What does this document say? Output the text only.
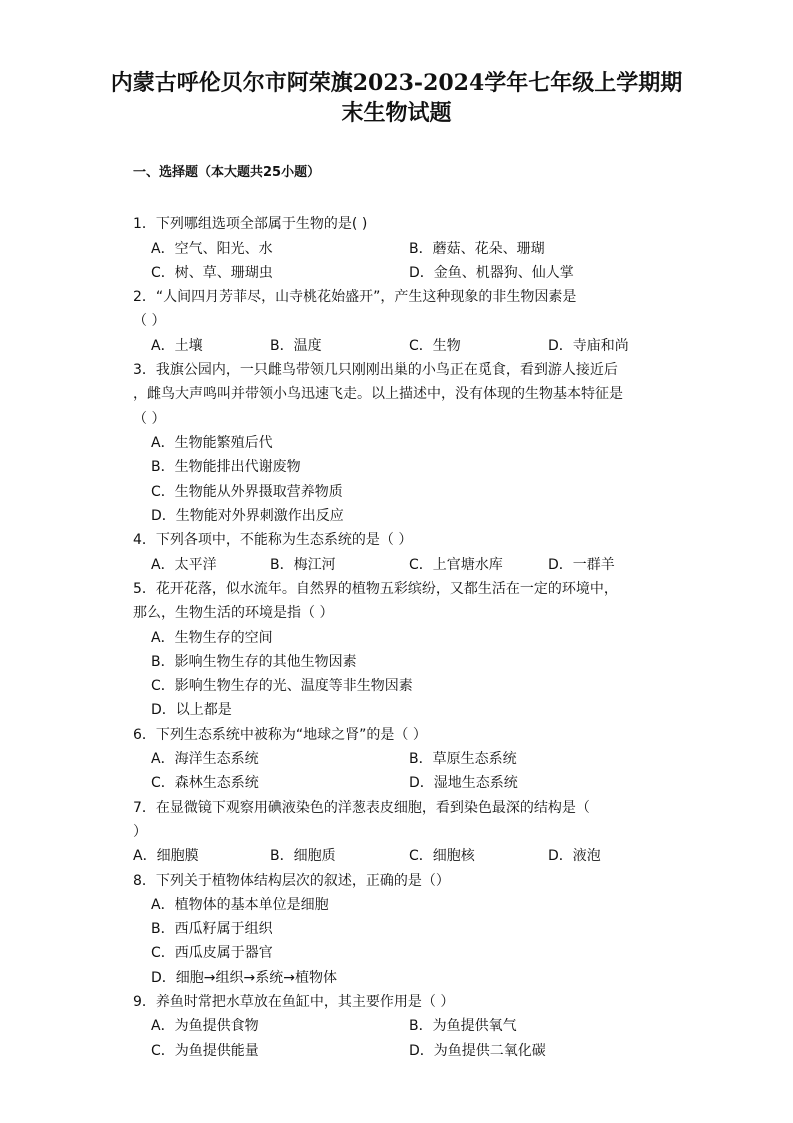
内蒙古呼伦贝尔市阿荣旗2023-2024学年七年级上学期期
末生物试题
一、选择题（本大题共25小题）
1．下列哪组选项全部属于生物的是( )
A．空气、阳光、水	B．蘑菇、花朵、珊瑚
C．树、草、珊瑚虫	D．金鱼、机器狗、仙人掌
2．“人间四月芳菲尽，山寺桃花始盛开”，产生这种现象的非生物因素是
（ ）
A．土壤	B．温度	C．生物	D．寺庙和尚
3．我旗公园内，一只雌鸟带领几只刚刚出巢的小鸟正在觅食，看到游人接近后
，雌鸟大声鸣叫并带领小鸟迅速飞走。以上描述中，没有体现的生物基本特征是
（ ）
A．生物能繁殖后代
B．生物能排出代谢废物
C．生物能从外界摄取营养物质
D．生物能对外界刺激作出反应
4．下列各项中，不能称为生态系统的是（ ）
A．太平洋	B．梅江河	C．上官塘水库	D．一群羊
5．花开花落，似水流年。自然界的植物五彩缤纷，又都生活在一定的环境中，
那么，生物生活的环境是指（ ）
A．生物生存的空间
B．影响生物生存的其他生物因素
C．影响生物生存的光、温度等非生物因素
D．以上都是
6．下列生态系统中被称为“地球之肾”的是（ ）
A．海洋生态系统	B．草原生态系统
C．森林生态系统	D．湿地生态系统
7．在显微镜下观察用碘液染色的洋葱表皮细胞，看到染色最深的结构是（
）
A．细胞膜	B．细胞质	C．细胞核	D．液泡
8．下列关于植物体结构层次的叙述，正确的是（）
A．植物体的基本单位是细胞
B．西瓜籽属于组织
C．西瓜皮属于器官
D．细胞→组织→系统→植物体
9．养鱼时常把水草放在鱼缸中，其主要作用是（ ）
A．为鱼提供食物	B．为鱼提供氧气
C．为鱼提供能量	D．为鱼提供二氧化碳
